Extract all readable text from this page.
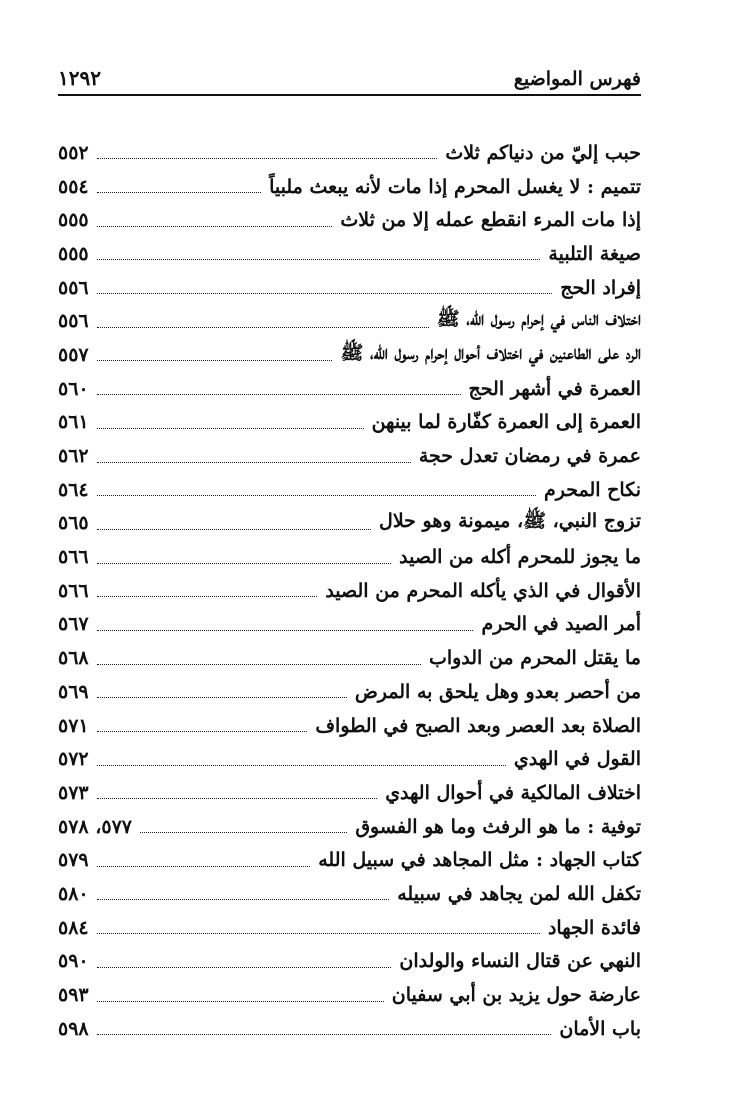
فهرس المواضيع
١٢٩٢
حبب إليّ من دنياكم ثلاث
٥٥٢
تتميم : لا يغسل المحرم إذا مات لأنه يبعث ملبياً
٥٥٤
إذا مات المرء انقطع عمله إلا من ثلاث
٥٥٥
صيغة التلبية
٥٥٥
إفراد الحج
٥٥٦
اختلاف الناس في إحرام رسول الله، ﷺ
٥٥٦
الرد على الطاعنين في اختلاف أحوال إحرام رسول الله، ﷺ
٥٥٧
العمرة في أشهر الحج
٥٦٠
العمرة إلى العمرة كفّارة لما بينهن
٥٦١
عمرة في رمضان تعدل حجة
٥٦٢
نكاح المحرم
٥٦٤
تزوج النبي، ﷺ، ميمونة وهو حلال
٥٦٥
ما يجوز للمحرم أكله من الصيد
٥٦٦
الأقوال في الذي يأكله المحرم من الصيد
٥٦٦
أمر الصيد في الحرم
٥٦٧
ما يقتل المحرم من الدواب
٥٦٨
من أحصر بعدو وهل يلحق به المرض
٥٦٩
الصلاة بعد العصر وبعد الصبح في الطواف
٥٧١
القول في الهدي
٥٧٢
اختلاف المالكية في أحوال الهدي
٥٧٣
توفية : ما هو الرفث وما هو الفسوق
٥٧٧، ٥٧٨
كتاب الجهاد : مثل المجاهد في سبيل الله
٥٧٩
تكفل الله لمن يجاهد في سبيله
٥٨٠
فائدة الجهاد
٥٨٤
النهي عن قتال النساء والولدان
٥٩٠
عارضة حول يزيد بن أبي سفيان
٥٩٣
باب الأمان
٥٩٨
